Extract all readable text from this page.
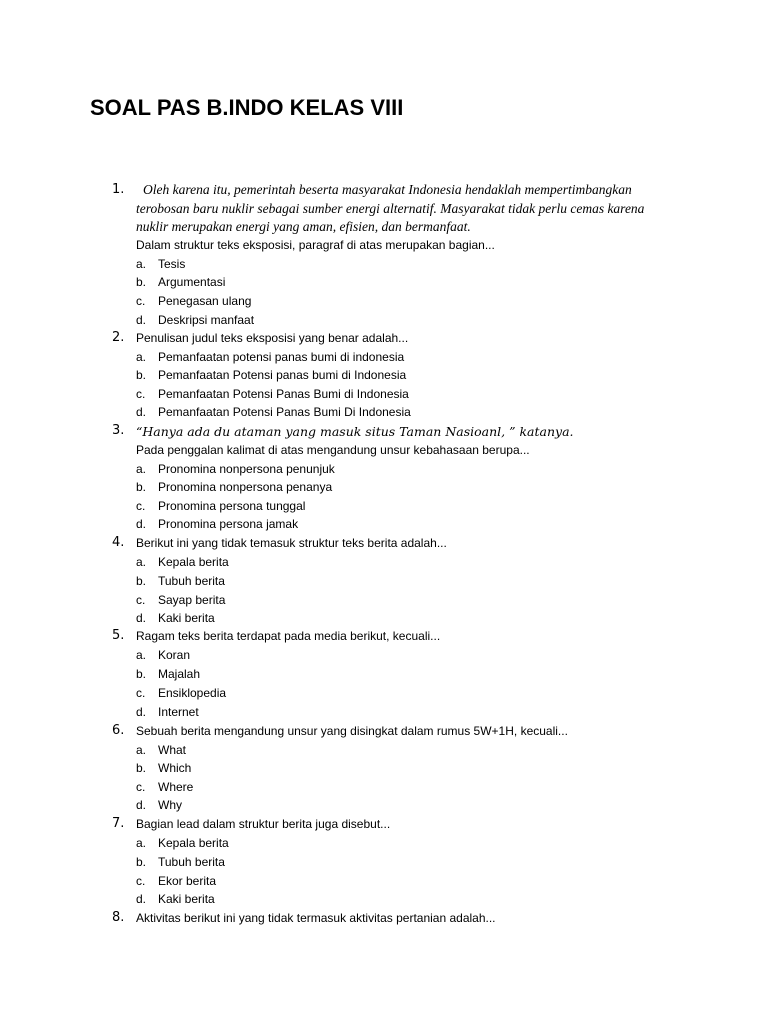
SOAL PAS B.INDO KELAS VIII
1.	Oleh karena itu, pemerintah beserta masyarakat Indonesia hendaklah mempertimbangkan
terobosan baru nuklir sebagai sumber energi alternatif. Masyarakat tidak perlu cemas karena
nuklir merupakan energi yang aman, efisien, dan bermanfaat.
Dalam struktur teks eksposisi, paragraf di atas merupakan bagian...
a. Tesis
b. Argumentasi
c. Penegasan ulang
d. Deskripsi manfaat
2. Penulisan judul teks eksposisi yang benar adalah...
a. Pemanfaatan potensi panas bumi di indonesia
b. Pemanfaatan Potensi panas bumi di Indonesia
c. Pemanfaatan Potensi Panas Bumi di Indonesia
d. Pemanfaatan Potensi Panas Bumi Di Indonesia
3. “Hanya ada du ataman yang masuk situs Taman Nasioanl, ” katanya.
Pada penggalan kalimat di atas mengandung unsur kebahasaan berupa...
a. Pronomina nonpersona penunjuk
b. Pronomina nonpersona penanya
c. Pronomina persona tunggal
d. Pronomina persona jamak
4. Berikut ini yang tidak temasuk struktur teks berita adalah...
a. Kepala berita
b. Tubuh berita
c. Sayap berita
d. Kaki berita
5. Ragam teks berita terdapat pada media berikut, kecuali...
a. Koran
b. Majalah
c. Ensiklopedia
d. Internet
6. Sebuah berita mengandung unsur yang disingkat dalam rumus 5W+1H, kecuali...
a. What
b. Which
c. Where
d. Why
7. Bagian lead dalam struktur berita juga disebut...
a. Kepala berita
b. Tubuh berita
c. Ekor berita
d. Kaki berita
8. Aktivitas berikut ini yang tidak termasuk aktivitas pertanian adalah...
